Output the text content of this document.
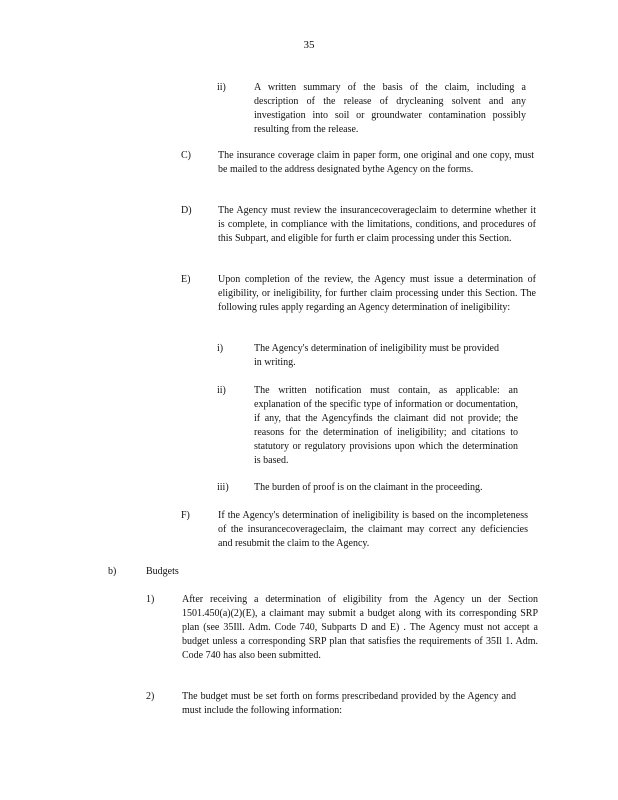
35
ii)	A written summary of the basis of the claim, including a description of the release of drycleaning solvent and any investigation into soil or groundwater contamination possibly resulting from the release.
C)	The insurance coverage claim in paper form, one original and one copy, must be mailed to the address designated bythe Agency on the forms.
D)	The Agency must review the insurancecoverageclaim to determine whether it is complete, in compliance with the limitations, conditions, and procedures of this Subpart, and eligible for furth er claim processing under this Section.
E)	Upon completion of the review, the Agency must issue a determination of eligibility, or ineligibility, for further claim processing under this Section. The following rules apply regarding an Agency determination of ineligibility:
i)	The Agency's determination of ineligibility must be provided in writing.
ii)	The written notification must contain, as applicable: an explanation of the specific type of information or documentation, if any, that the Agencyfinds the claimant did not provide; the reasons for the determination of ineligibility; and citations to statutory or regulatory provisions upon which the determination is based.
iii)	The burden of proof is on the claimant in the proceeding.
F)	If the Agency's determination of ineligibility is based on the incompleteness of the insurancecoverageclaim, the claimant may correct any deficiencies and resubmit the claim to the Agency.
b)	Budgets
1)	After receiving a determination of eligibility from the Agency un der Section 1501.450(a)(2)(E), a claimant may submit a budget along with its corresponding SRP plan (see 35Ill. Adm. Code 740, Subparts D and E) . The Agency must not accept a budget unless a corresponding SRP plan that satisfies the requirements of 35Il 1. Adm. Code 740 has also been submitted.
2)	The budget must be set forth on forms prescribedand provided by the Agency and must include the following information:
